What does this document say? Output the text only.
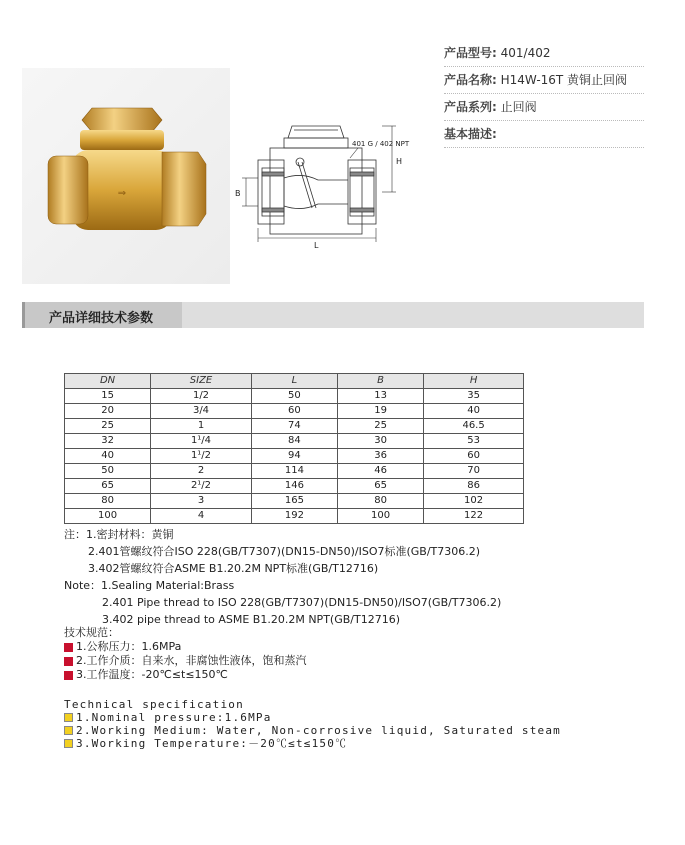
⇒
401 G / 402 NPT
H
B
L
产品型号: 401/402
产品名称: H14W-16T 黄铜止回阀
产品系列: 止回阀
基本描述:
产品详细技术参数
DN	SIZE	L	B	H
15	1/2	50	13	35
20	3/4	60	19	40
25	1	74	25	46.5
32	1¹/4	84	30	53
40	1¹/2	94	36	60
50	2	114	46	70
65	2¹/2	146	65	86
80	3	165	80	102
100	4	192	100	122
注：1.密封材料：黄铜
2.401管螺纹符合ISO 228(GB/T7307)(DN15-DN50)/ISO7标准(GB/T7306.2)
3.402管螺纹符合ASME B1.20.2M NPT标准(GB/T12716)
Note：1.Sealing Material:Brass
2.401 Pipe thread to ISO 228(GB/T7307)(DN15-DN50)/ISO7(GB/T7306.2)
3.402 pipe thread to ASME B1.20.2M NPT(GB/T12716)
技术规范：
1.公称压力：1.6MPa
2.工作介质：自来水，非腐蚀性液体，饱和蒸汽
3.工作温度：-20℃≤t≤150℃
Technical specification
1.Nominal pressure:1.6MPa
2.Working Medium: Water, Non-corrosive liquid, Saturated steam
3.Working Temperature:－20℃≤t≤150℃
